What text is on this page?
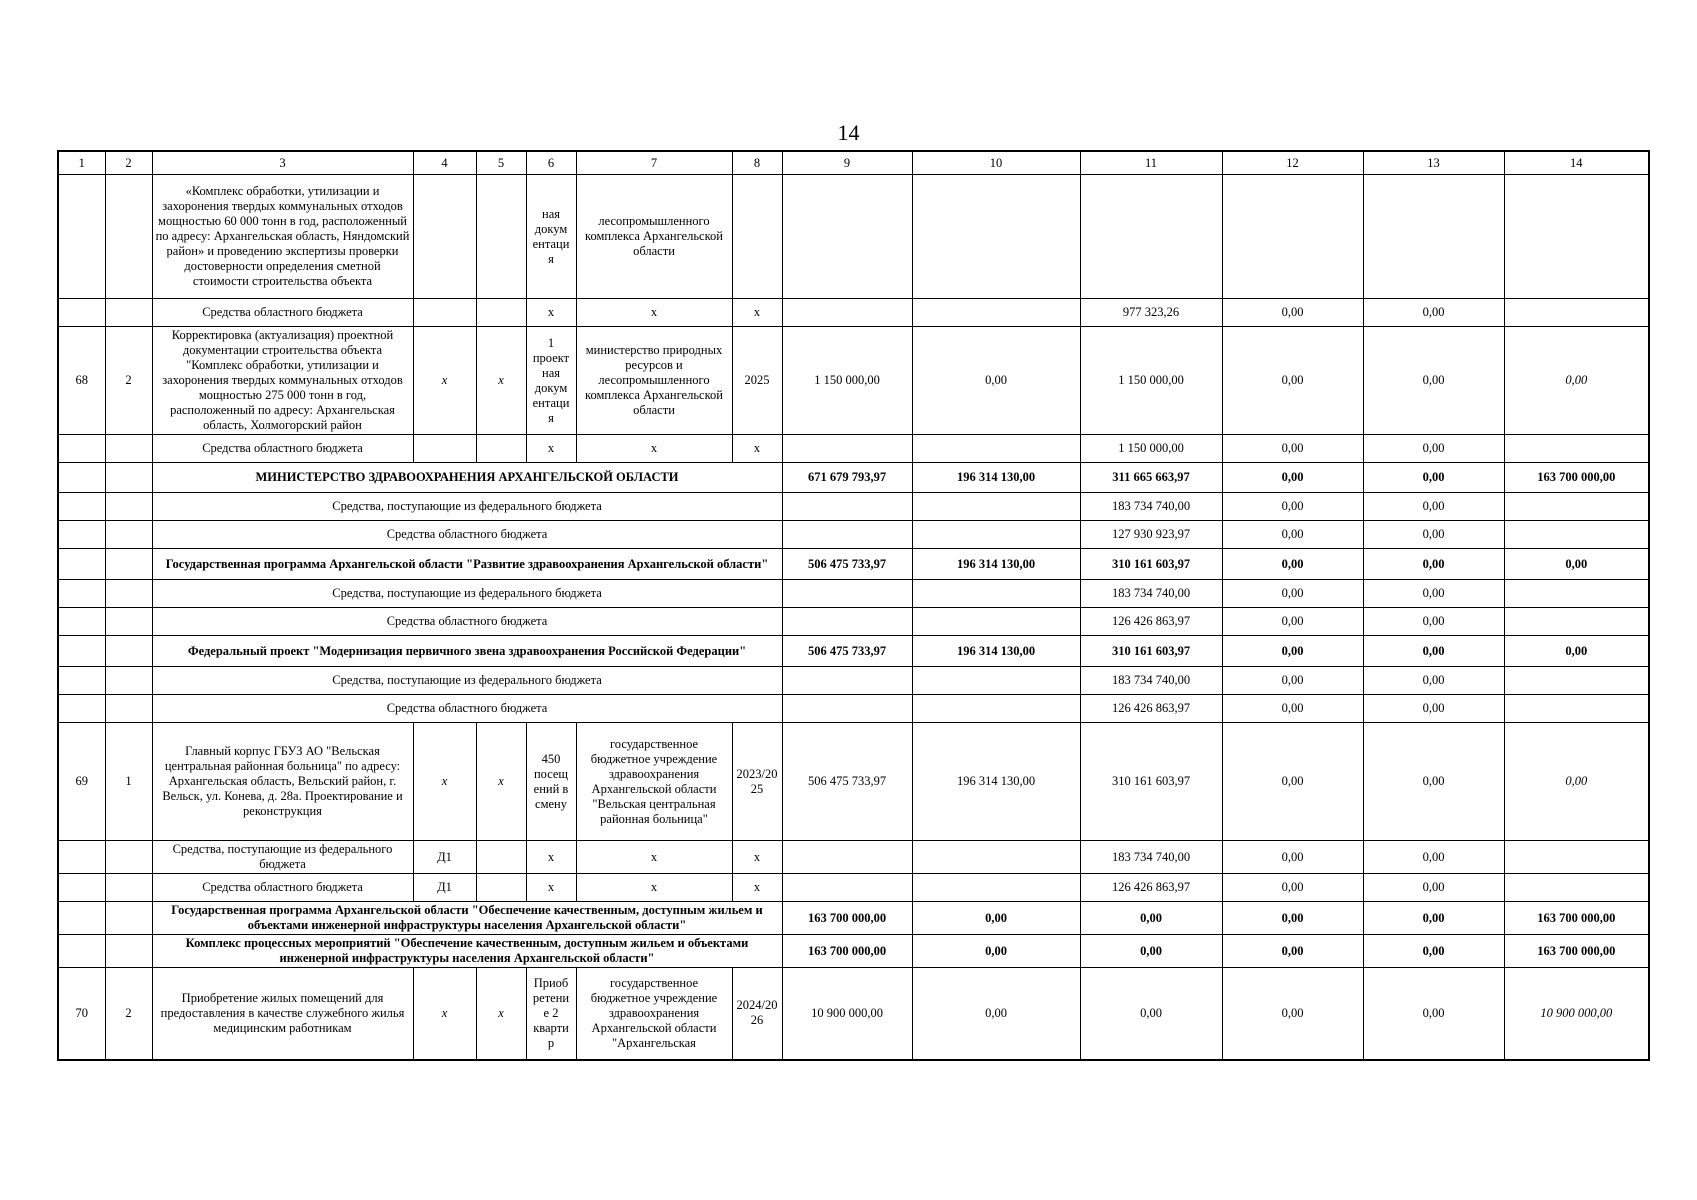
14
1	2	3	4	5	6	7	8	9	10	11	12	13	14
		«Комплекс обработки, утилизации и захоронения твердых коммунальных отходов мощностью 60 000 тонн в год, расположенный по адресу: Архангельская область, Няндомский район» и проведению экспертизы проверки достоверности определения сметной стоимости строительства объекта			ная докум ентаци я	лесопромышленного комплекса Архангельской области							
		Средства областного бюджета			x	x	x			977 323,26	0,00	0,00	
68	2	Корректировка (актуализация) проектной документации строительства объекта "Комплекс обработки, утилизации и захоронения твердых коммунальных отходов мощностью 275 000 тонн в год, расположенный по адресу: Архангельская область, Холмогорский район	x	x	1 проект ная докум ентаци я	министерство природных ресурсов и лесопромышленного комплекса Архангельской области	2025	1 150 000,00	0,00	1 150 000,00	0,00	0,00	0,00
		Средства областного бюджета			x	x	x			1 150 000,00	0,00	0,00	
		МИНИСТЕРСТВО ЗДРАВООХРАНЕНИЯ АРХАНГЕЛЬСКОЙ ОБЛАСТИ						671 679 793,97	196 314 130,00	311 665 663,97	0,00	0,00	163 700 000,00
		Средства, поступающие из федерального бюджета								183 734 740,00	0,00	0,00	
		Средства областного бюджета								127 930 923,97	0,00	0,00	
		Государственная программа Архангельской области "Развитие здравоохранения Архангельской области"						506 475 733,97	196 314 130,00	310 161 603,97	0,00	0,00	0,00
		Средства, поступающие из федерального бюджета								183 734 740,00	0,00	0,00	
		Средства областного бюджета								126 426 863,97	0,00	0,00	
		Федеральный проект "Модернизация первичного звена здравоохранения Российской Федерации"						506 475 733,97	196 314 130,00	310 161 603,97	0,00	0,00	0,00
		Средства, поступающие из федерального бюджета								183 734 740,00	0,00	0,00	
		Средства областного бюджета								126 426 863,97	0,00	0,00	
69	1	Главный корпус ГБУЗ АО "Вельская центральная районная больница" по адресу: Архангельская область, Вельский район, г. Вельск, ул. Конева, д. 28а. Проектирование и реконструкция	x	x	450 посещ ений в смену	государственное бюджетное учреждение здравоохранения Архангельской области "Вельская центральная районная больница"	2023/20 25	506 475 733,97	196 314 130,00	310 161 603,97	0,00	0,00	0,00
		Средства, поступающие из федерального бюджета	Д1		x	x	x			183 734 740,00	0,00	0,00	
		Средства областного бюджета	Д1		x	x	x			126 426 863,97	0,00	0,00	
		Государственная программа Архангельской области "Обеспечение качественным, доступным жильем и объектами инженерной инфраструктуры населения Архангельской области"						163 700 000,00	0,00	0,00	0,00	0,00	163 700 000,00
		Комплекс процессных мероприятий "Обеспечение качественным, доступным жильем и объектами инженерной инфраструктуры населения Архангельской области"						163 700 000,00	0,00	0,00	0,00	0,00	163 700 000,00
70	2	Приобретение жилых помещений для предоставления в качестве служебного жилья медицинским работникам	x	x	Приоб ретени е 2 кварти р	государственное бюджетное учреждение здравоохранения Архангельской области "Архангельская	2024/20 26	10 900 000,00	0,00	0,00	0,00	0,00	10 900 000,00
